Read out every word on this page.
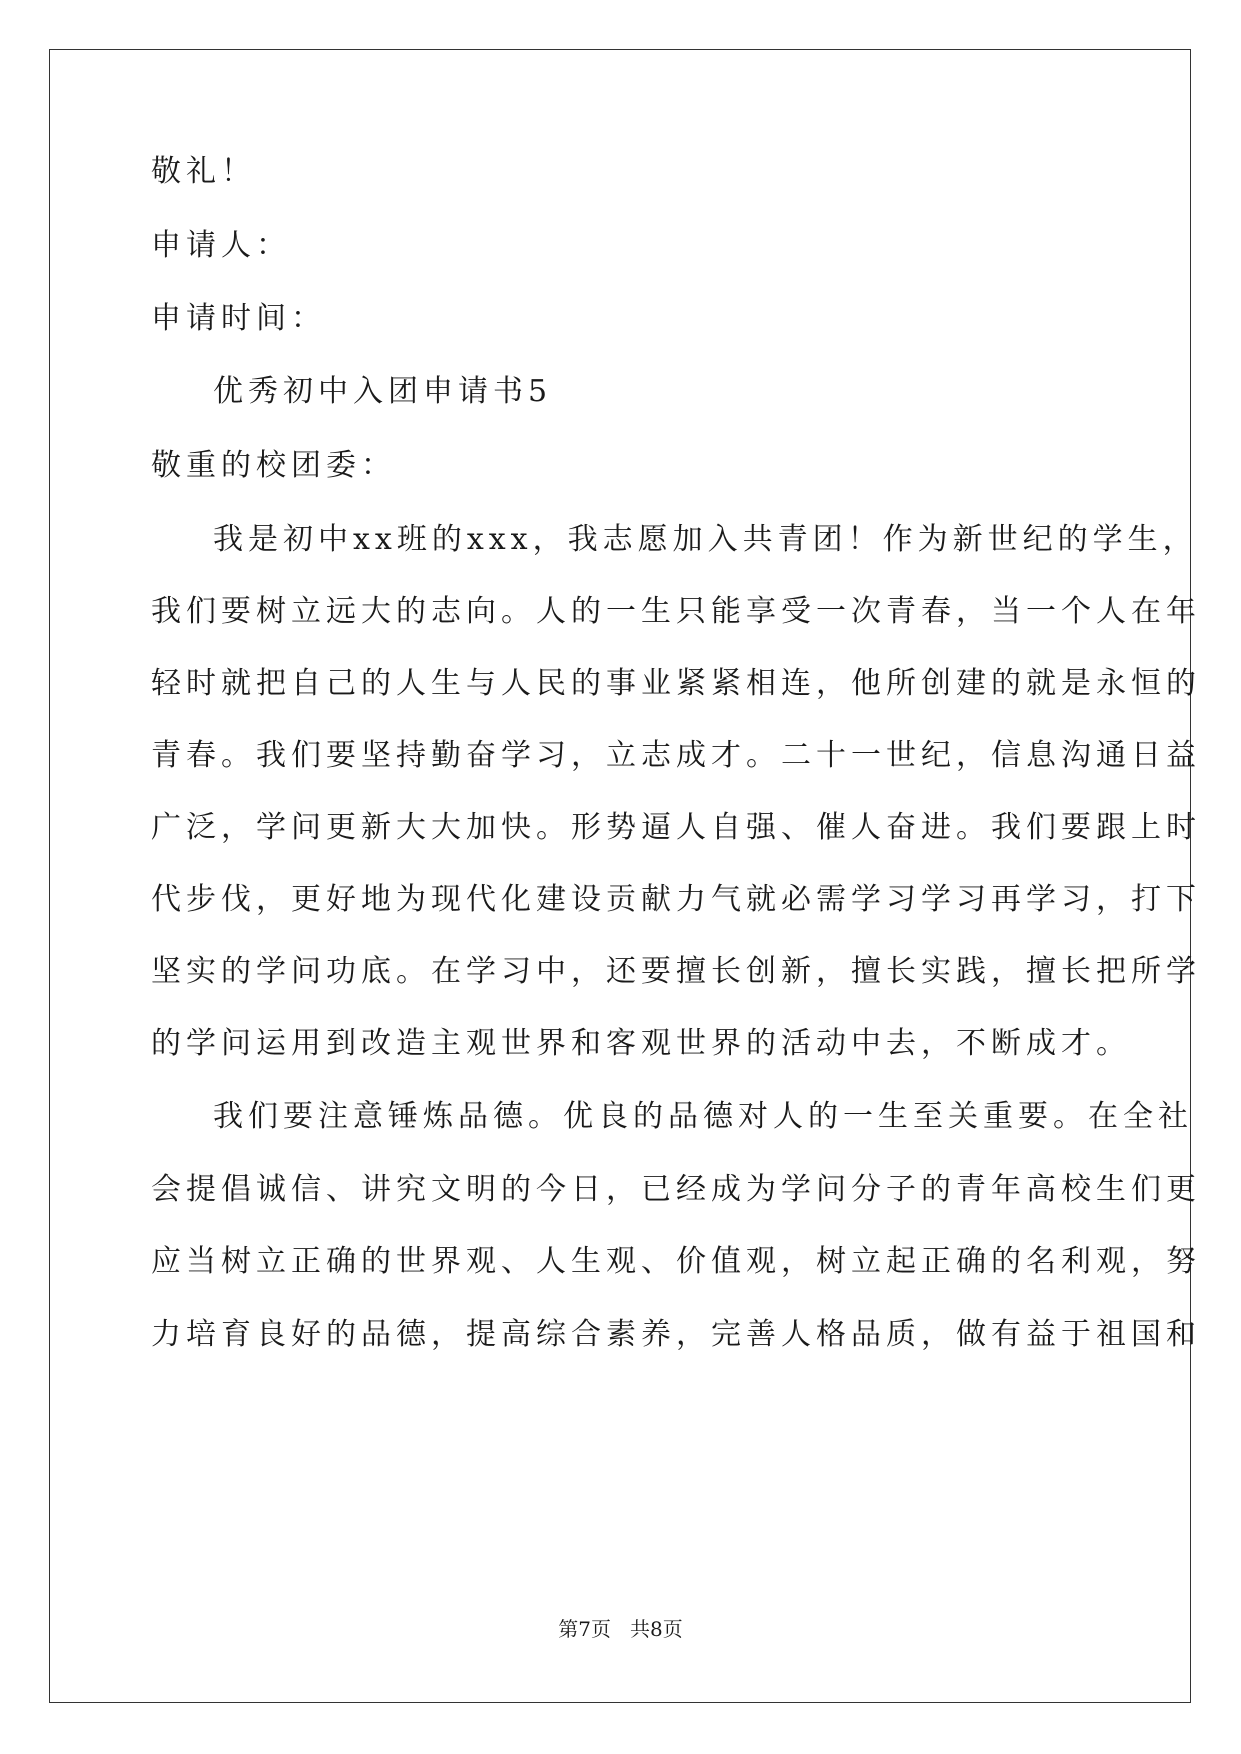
敬礼！
申请人：
申请时间：
优秀初中入团申请书5
敬重的校团委：
我是初中xx班的xxx，我志愿加入共青团！作为新世纪的学生，
我们要树立远大的志向。人的一生只能享受一次青春，当一个人在年
轻时就把自己的人生与人民的事业紧紧相连，他所创建的就是永恒的
青春。我们要坚持勤奋学习，立志成才。二十一世纪，信息沟通日益
广泛，学问更新大大加快。形势逼人自强、催人奋进。我们要跟上时
代步伐，更好地为现代化建设贡献力气就必需学习学习再学习，打下
坚实的学问功底。在学习中，还要擅长创新，擅长实践，擅长把所学
的学问运用到改造主观世界和客观世界的活动中去，不断成才。
我们要注意锤炼品德。优良的品德对人的一生至关重要。在全社
会提倡诚信、讲究文明的今日，已经成为学问分子的青年高校生们更
应当树立正确的世界观、人生观、价值观，树立起正确的名利观，努
力培育良好的品德，提高综合素养，完善人格品质，做有益于祖国和
第7页   共8页
